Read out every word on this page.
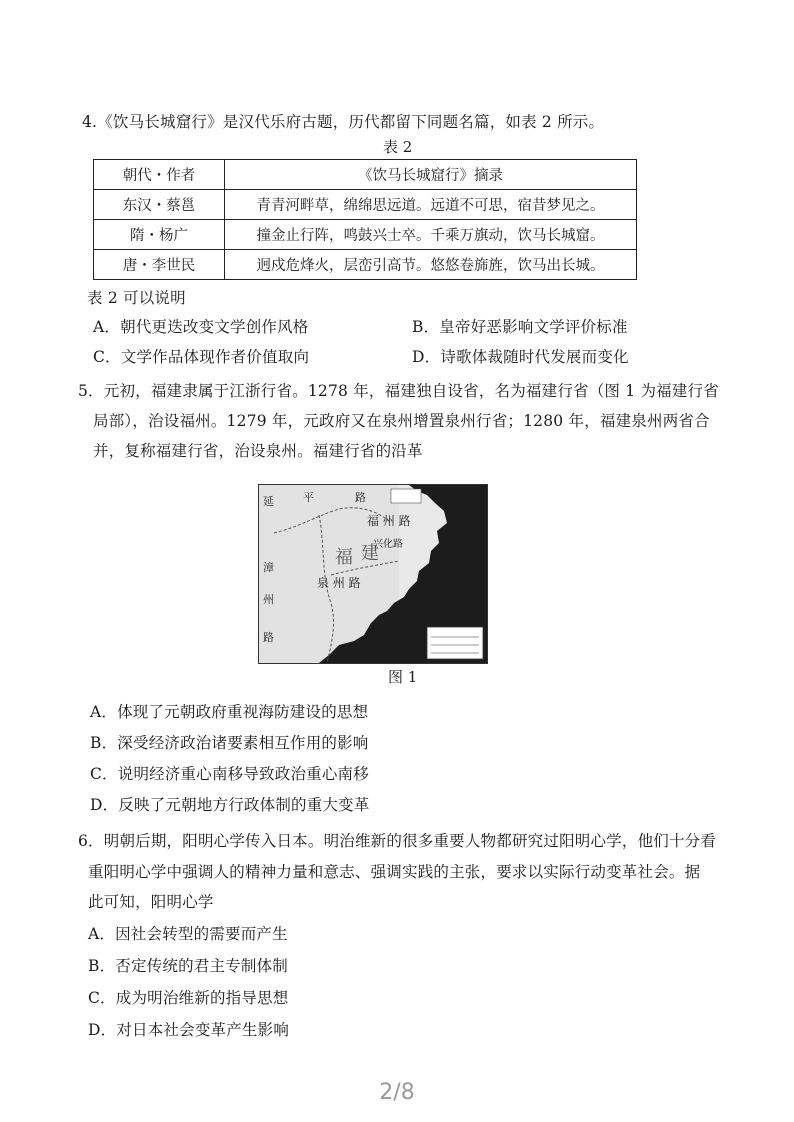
4.《饮马长城窟行》是汉代乐府古题，历代都留下同题名篇，如表 2 所示。
表 2
朝代・作者	《饮马长城窟行》摘录
东汉・蔡邕	青青河畔草，绵绵思远道。远道不可思，宿昔梦见之。
隋・杨广	撞金止行阵，鸣鼓兴士卒。千乘万旗动，饮马长城窟。
唐・李世民	迥戍危烽火，层峦引高节。悠悠卷旆旌，饮马出长城。
表 2 可以说明
A．朝代更迭改变文学创作风格	B．皇帝好恶影响文学评价标准
C．文学作品体现作者价值取向	D．诗歌体裁随时代发展而变化
5．元初，福建隶属于江浙行省。1278 年，福建独自设省，名为福建行省（图 1 为福建行省
局部），治设福州。1279 年，元政府又在泉州增置泉州行省；1280 年，福建泉州两省合
并，复称福建行省，治设泉州。福建行省的沿革
延	平	路
福 州 路
福 建
兴化路
泉 州 路
漳
州
路
图 1
A．体现了元朝政府重视海防建设的思想
B．深受经济政治诸要素相互作用的影响
C．说明经济重心南移导致政治重心南移
D．反映了元朝地方行政体制的重大变革
6．明朝后期，阳明心学传入日本。明治维新的很多重要人物都研究过阳明心学，他们十分看
重阳明心学中强调人的精神力量和意志、强调实践的主张，要求以实际行动变革社会。据
此可知，阳明心学
A．因社会转型的需要而产生
B．否定传统的君主专制体制
C．成为明治维新的指导思想
D．对日本社会变革产生影响
2/8
